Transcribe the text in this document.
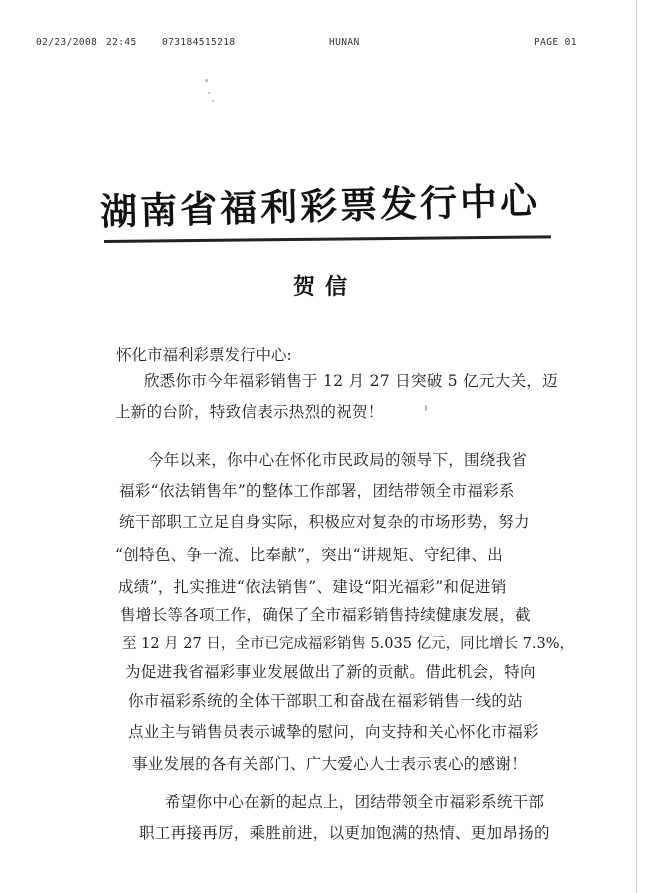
02/23/2008 22:45	073184515218	HUNAN	PAGE 01
湖南省福利彩票发行中心
贺信
怀化市福利彩票发行中心:
欣悉你市今年福彩销售于 12 月 27 日突破 5 亿元大关，迈
上新的台阶，特致信表示热烈的祝贺！
今年以来，你中心在怀化市民政局的领导下，围绕我省
福彩“依法销售年”的整体工作部署，团结带领全市福彩系
统干部职工立足自身实际，积极应对复杂的市场形势，努力
“创特色、争一流、比奉献”，突出“讲规矩、守纪律、出
成绩”，扎实推进“依法销售”、建设“阳光福彩”和促进销
售增长等各项工作，确保了全市福彩销售持续健康发展，截
至 12 月 27 日，全市已完成福彩销售 5.035 亿元，同比增长 7.3%，
为促进我省福彩事业发展做出了新的贡献。借此机会，特向
你市福彩系统的全体干部职工和奋战在福彩销售一线的站
点业主与销售员表示诚挚的慰问，向支持和关心怀化市福彩
事业发展的各有关部门、广大爱心人士表示衷心的感谢！
希望你中心在新的起点上，团结带领全市福彩系统干部
职工再接再厉，乘胜前进，以更加饱满的热情、更加昂扬的
